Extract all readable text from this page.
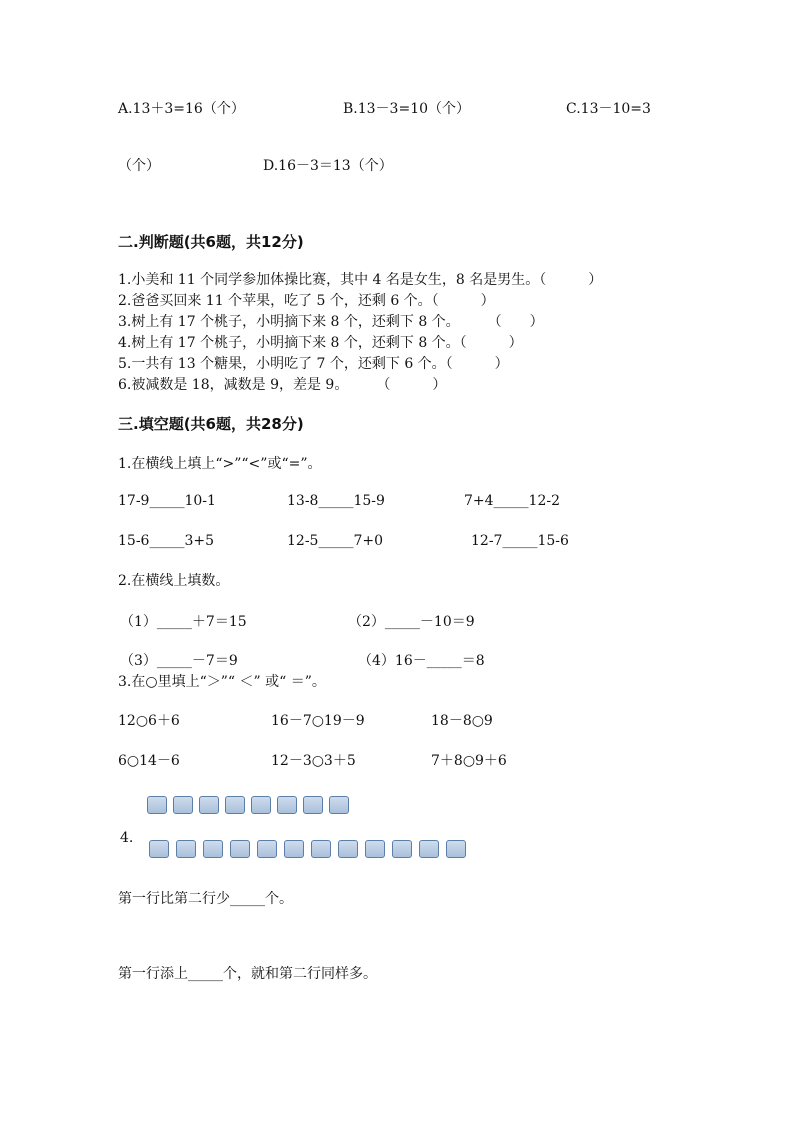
A.13＋3=16（个）	B.13－3=10（个）	C.13－10=3
（个）	D.16－3＝13（个）
二.判断题(共6题，共12分)
1.小美和 11 个同学参加体操比赛，其中 4 名是女生，8 名是男生。（　　　）
2.爸爸买回来 11 个苹果，吃了 5 个，还剩 6 个。（　　　）
3.树上有 17 个桃子，小明摘下来 8 个，还剩下 8 个。　　　（　　）
4.树上有 17 个桃子，小明摘下来 8 个，还剩下 8 个。（　　　）
5.一共有 13 个糖果，小明吃了 7 个，还剩下 6 个。（　　　）
6.被减数是 18，减数是 9，差是 9。　　　（　　　）
三.填空题(共6题，共28分)
1.在横线上填上“>”“<”或“=”。
17-9_____10-1	13-8_____15-9	7+4_____12-2
15-6_____3+5	12-5_____7+0	12-7_____15-6
2.在横线上填数。
（1）_____＋7＝15	（2）_____－10＝9
（3）_____－7＝9	（4）16－_____＝8
3.在○里填上“＞”“ ＜” 或“ ＝”。
12○6＋6	16－7○19－9	18－8○9
6○14－6	12－3○3＋5	7＋8○9＋6
4.
第一行比第二行少_____个。
第一行添上_____个，就和第二行同样多。
